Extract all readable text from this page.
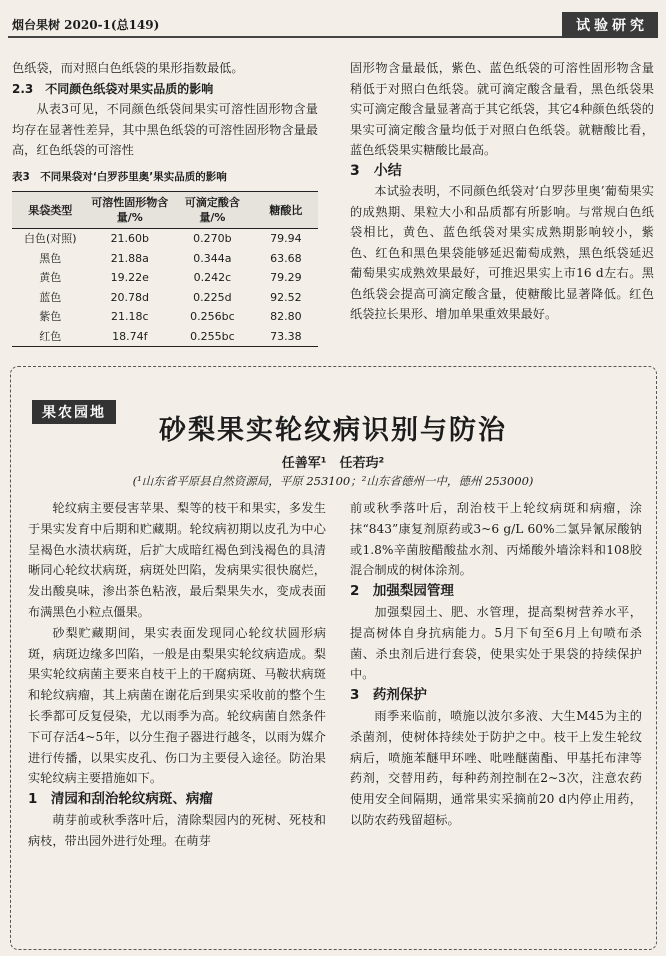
烟台果树 2020-1(总149)	试验研究

色纸袋，而对照白色纸袋的果形指数最低。

2.3　不同颜色纸袋对果实品质的影响

从表3可见，不同颜色纸袋间果实可溶性固形物含量均存在显著性差异，其中黑色纸袋的可溶性固形物含量最高，红色纸袋的可溶性

表3　不同果袋对‘白罗莎里奥’果实品质的影响
果袋类型	可溶性固形物含量/%	可滴定酸含量/%	糖酸比
白色(对照)	21.60b	0.270b	79.94
黑色	21.88a	0.344a	63.68
黄色	19.22e	0.242c	79.29
蓝色	20.78d	0.225d	92.52
紫色	21.18c	0.256bc	82.80
红色	18.74f	0.255bc	73.38

固形物含量最低，紫色、蓝色纸袋的可溶性固形物含量稍低于对照白色纸袋。就可滴定酸含量看，黑色纸袋果实可滴定酸含量显著高于其它纸袋，其它4种颜色纸袋的果实可滴定酸含量均低于对照白色纸袋。就糖酸比看，蓝色纸袋果实糖酸比最高。

3　小结

本试验表明，不同颜色纸袋对‘白罗莎里奥’葡萄果实的成熟期、果粒大小和品质都有所影响。与常规白色纸袋相比，黄色、蓝色纸袋对果实成熟期影响较小，紫色、红色和黑色果袋能够延迟葡萄成熟，黑色纸袋延迟葡萄果实成熟效果最好，可推迟果实上市16 d左右。黑色纸袋会提高可滴定酸含量，使糖酸比显著降低。红色纸袋拉长果形、增加单果重效果最好。

果农园地
砂梨果实轮纹病识别与防治
任善军¹　任若玙²
(¹山东省平原县自然资源局，平原 253100；²山东省德州一中，德州 253000)

轮纹病主要侵害苹果、梨等的枝干和果实，多发生于果实发育中后期和贮藏期。轮纹病初期以皮孔为中心呈褐色水渍状病斑，后扩大成暗红褐色到浅褐色的具清晰同心轮纹状病斑，病斑处凹陷，发病果实很快腐烂，发出酸臭味，渗出茶色粘液，最后梨果失水，变成表面布满黑色小粒点僵果。

砂梨贮藏期间，果实表面发现同心轮纹状圆形病斑，病斑边缘多凹陷，一般是由梨果实轮纹病造成。梨果实轮纹病菌主要来自枝干上的干腐病斑、马鞍状病斑和轮纹病瘤，其上病菌在谢花后到果实采收前的整个生长季都可反复侵染，尤以雨季为高。轮纹病菌自然条件下可存活4~5年，以分生孢子器进行越冬，以雨为媒介进行传播，以果实皮孔、伤口为主要侵入途径。防治果实轮纹病主要措施如下。

1　清园和刮治轮纹病斑、病瘤

萌芽前或秋季落叶后，清除梨园内的死树、死枝和病枝，带出园外进行处理。在萌芽

前或秋季落叶后，刮治枝干上轮纹病斑和病瘤，涂抹“843”康复剂原药或3~6 g/L 60%二氯异氰尿酸钠或1.8%辛菌胺醋酸盐水剂、丙烯酸外墙涂料和108胶混合制成的树体涂剂。

2　加强梨园管理

加强梨园土、肥、水管理，提高梨树营养水平，提高树体自身抗病能力。5月下旬至6月上旬喷布杀菌、杀虫剂后进行套袋，使果实处于果袋的持续保护中。

3　药剂保护

雨季来临前，喷施以波尔多液、大生M45为主的杀菌剂，使树体持续处于防护之中。枝干上发生轮纹病后，喷施苯醚甲环唑、吡唑醚菌酯、甲基托布津等药剂，交替用药，每种药剂控制在2~3次，注意农药使用安全间隔期，通常果实采摘前20 d内停止用药，以防农药残留超标。
